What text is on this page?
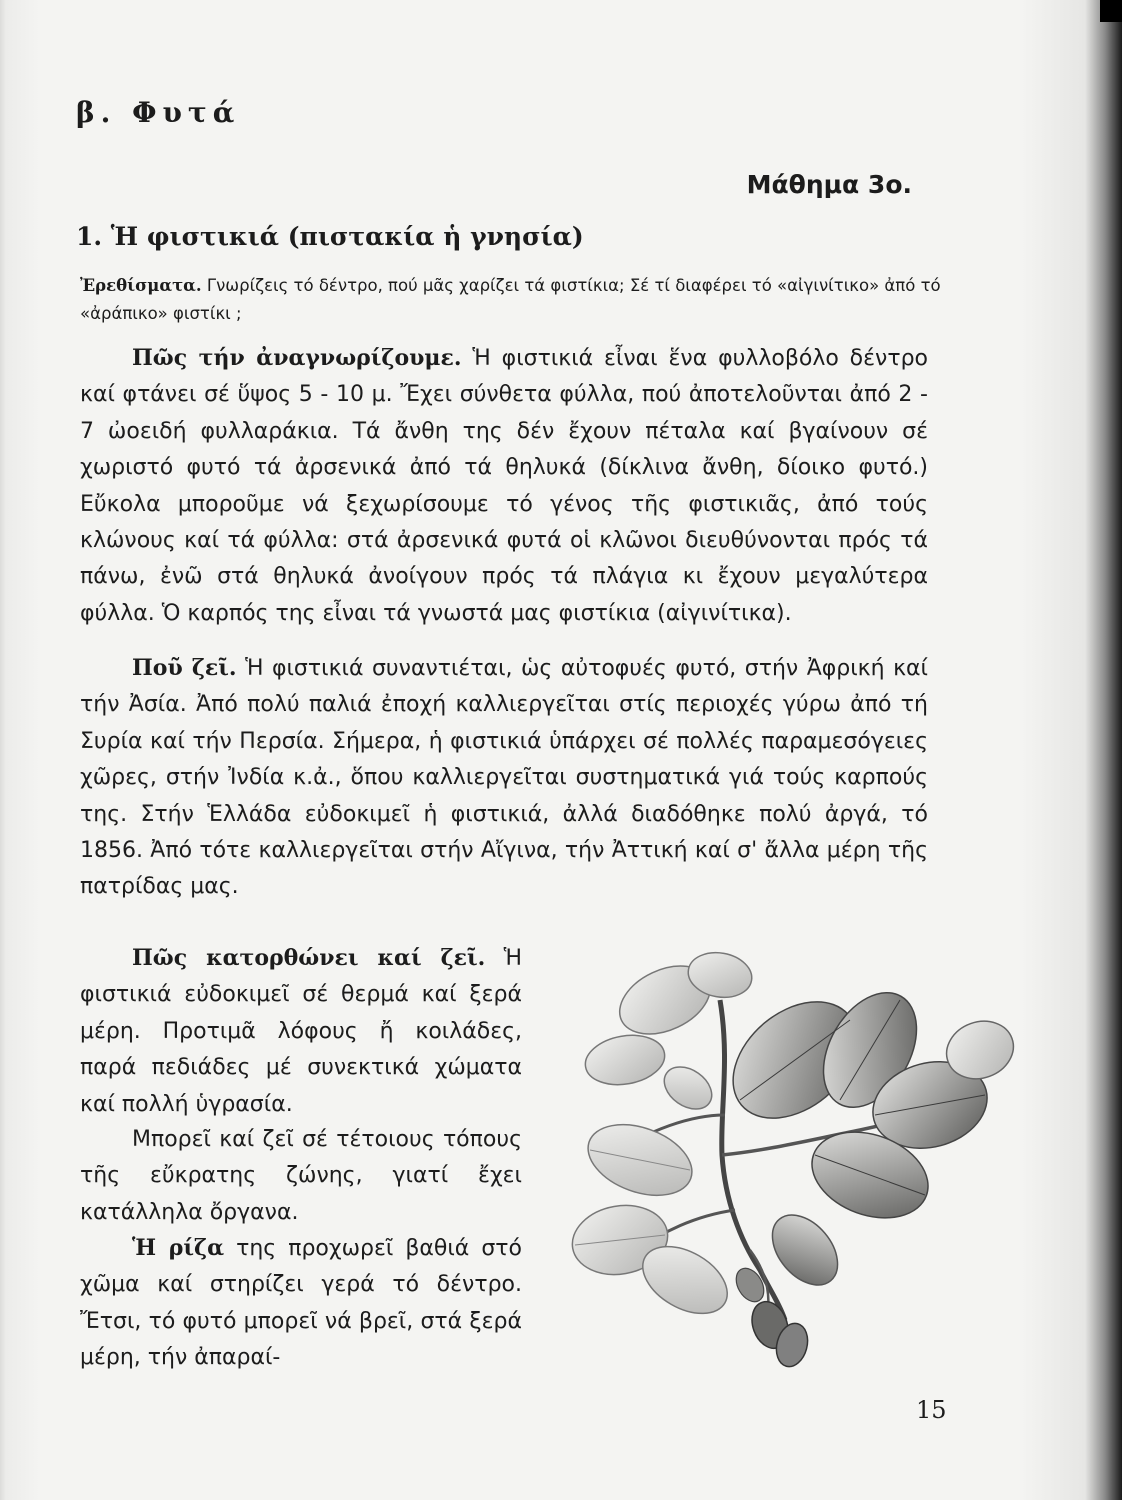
β. Φυτά

Μάθημα 3ο.

1. Ἡ φιστικιά (πιστακία ἡ γνησία)

Ἐρεθίσματα. Γνωρίζεις τό δέντρο, πού μᾶς χαρίζει τά φιστίκια; Σέ τί διαφέρει τό «αἰγινίτικο» ἀπό τό «ἀράπικο» φιστίκι ;

Πῶς τήν ἀναγνωρίζουμε. Ἡ φιστικιά εἶναι ἕνα φυλλοβόλο δέντρο καί φτάνει σέ ὕψος 5 - 10 μ. Ἔχει σύνθετα φύλλα, πού ἀποτελοῦνται ἀπό 2 - 7 ὠοειδή φυλλαράκια. Τά ἄνθη της δέν ἔχουν πέταλα καί βγαίνουν σέ χωριστό φυτό τά ἀρσενικά ἀπό τά θηλυκά (δίκλινα ἄνθη, δίοικο φυτό.) Εὔκολα μποροῦμε νά ξεχωρίσουμε τό γένος τῆς φιστικιᾶς, ἀπό τούς κλώνους καί τά φύλλα: στά ἀρσενικά φυτά οἱ κλῶνοι διευθύνονται πρός τά πάνω, ἐνῶ στά θηλυκά ἀνοίγουν πρός τά πλάγια κι ἔχουν μεγαλύτερα φύλλα. Ὁ καρπός της εἶναι τά γνωστά μας φιστίκια (αἰγινίτικα).

Ποῦ ζεῖ. Ἡ φιστικιά συναντιέται, ὡς αὐτοφυές φυτό, στήν Ἀφρική καί τήν Ἀσία. Ἀπό πολύ παλιά ἐποχή καλλιεργεῖται στίς περιοχές γύρω ἀπό τή Συρία καί τήν Περσία. Σήμερα, ἡ φιστικιά ὑπάρχει σέ πολλές παραμεσόγειες χῶρες, στήν Ἰνδία κ.ἀ., ὅπου καλλιεργεῖται συστηματικά γιά τούς καρπούς της. Στήν Ἑλλάδα εὐδοκιμεῖ ἡ φιστικιά, ἀλλά διαδόθηκε πολύ ἀργά, τό 1856. Ἀπό τότε καλλιεργεῖται στήν Αἴγινα, τήν Ἀττική καί σ' ἄλλα μέρη τῆς πατρίδας μας.

Πῶς κατορθώνει καί ζεῖ. Ἡ φιστικιά εὐδοκιμεῖ σέ θερμά καί ξερά μέρη. Προτιμᾶ λόφους ἤ κοιλάδες, παρά πεδιάδες μέ συνεκτικά χώματα καί πολλή ὑγρασία.

Μπορεῖ καί ζεῖ σέ τέτοιους τόπους τῆς εὔκρατης ζώνης, γιατί ἔχει κατάλληλα ὄργανα.

Ἡ ρίζα της προχωρεῖ βαθιά στό χῶμα καί στηρίζει γερά τό δέντρο. Ἔτσι, τό φυτό μπορεῖ νά βρεῖ, στά ξερά μέρη, τήν ἀπαραί-

15
